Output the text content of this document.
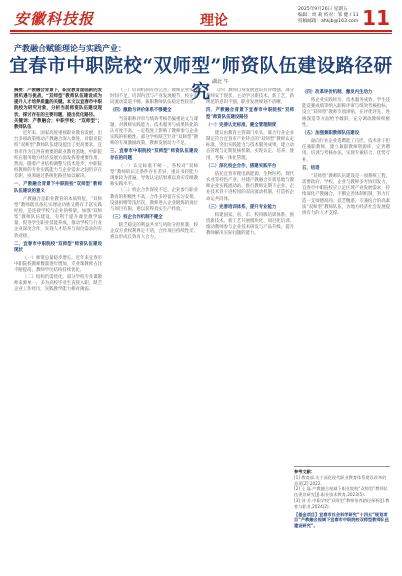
安徽科技报	理论
2025年9月26日 星期五
编辑：周 莉 校对：邹 健 / 11
投稿邮箱：ahkjb@163.com 11
产教融合赋能理论与实践产业：
宜春市中职院校“双师型”师资队伍建设路径研究 湖北 牛

摘要：产教融合背景下，职业教育面临新的发展机遇与挑战，“双师型”教师队伍建设成为提升人才培养质量的关键。本文以宜春市中职院校为研究对象，分析当前师资队伍建设现状，探讨存在的主要问题，提出优化路径。

关键词：产教融合；中职学校；“双师型”；教师队伍

近年来，国家高度重视职业教育发展，出台多项政策推动产教融合深入推进，对职业院校“双师型”教师队伍建设提出了更高要求。宜春市作为江西省重要的职业教育基地，中职院校在服务地方经济发展方面发挥着重要作用。然而，随着产业结构调整与技术进步，中职院校教师的专业实践能力与企业需求之间仍存在差距，亟须通过系统化路径加以解决。

一、产教融合背景下中职院校“双师型”教师队伍建设的意义

产教融合是职业教育的本质特征，“双师型”教师既具备扎实理论功底又拥有丰富实践经验，是连接学校与企业的桥梁。加强“双师型”教师队伍建设，有利于提升课堂教学质量，促进学生职业技能养成，推动学校与行业企业深度合作，实现人才培养与岗位需求的有效对接。

二、宜春市中职院校“双师型”师资队伍建设现状

（一）师资总量稳步增长。近年来宜春市中职院校教师数量逐年增加，专业课教师占比不断提高，教师学历结构持续优化。

（二）结构仍需优化。部分学校专业课教师来源单一，多为高校毕业生直接入职，缺乏企业工作经历，实践教学能力相对薄弱。

（三）培训机制有待完善。教师企业实践时间不足，培训内容与产业发展脱节，校企双向流动渠道不畅，兼职教师队伍稳定性较差。

（四）激励与评价体系不够健全

当前职称评审与绩效考核仍偏重论文与课题，对教师实践能力、技术服务与成果转化的认可度不高，一定程度上影响了教师参与企业实践的积极性。部分学校缺乏针对“双师型”教师的专项激励政策，教师发展动力不足。

三、宜春市中职院校“双师型”师资队伍建设存在的问题

（一）认定标准不统一。各校对“双师型”教师的认定条件存在差异，重证书轻能力现象较为普遍，导致认定结果难以真实反映教师实践水平。

（二）校企合作深度不足。企业参与职业教育的积极性不高，合作多停留在实习安排、设备捐赠等浅层次，教师进入企业锻炼的岗位与项目有限，难以获得真实生产经验。

（三）校企合作机制不健全

缺乏稳定的利益共享与风险分担机制，校企双方责权利界定不清，合作项目持续性差，难以形成长效育人合力。

（四）教师自身发展意识有待增强。部分教师安于现状，主动学习新技术、新工艺、新规范的意识不强，职业发展规划不清晰。

四、产教融合背景下宜春市中职院校“双师型”师资队伍建设路径

（一）完善认定标准，健全管理制度

建议由教育主管部门牵头，联合行业企业制定符合宜春市产业特点的“双师型”教师认定标准，突出实践能力与技术服务成果，建立动态管理与定期复核机制，实现认定、培养、使用、考核一体化管理。

（二）深化校企合作，搭建实践平台

依托宜春市锂电新能源、生物医药、现代农业等特色产业，共建产教融合实训基地与教师企业实践流动站，推行教师定期下企业、企业技术骨干进校园的双向流动机制，打造校企命运共同体。

（三）完善培训体系，提升专业能力

构建国家、省、市、校四级培训体系，围绕新技术、新工艺开展模块化、项目化培训，推动教师参与企业技术研发与产品升级，提升教师解决实际问题的能力。

（四）改革评价机制，激发内生动力

将企业实践经历、技术服务成效、学生技能竞赛成绩等纳入职称评审与绩效考核指标，设立“双师型”教师专项津贴，在评优评先、进修深造等方面给予倾斜，充分调动教师积极性。

（五）加强兼职教师队伍建设

面向行业企业选聘能工巧匠、技术骨干担任兼职教师，建立兼职教师资源库，完善聘用、培训与考核办法，实现专兼结合、优势互补。

五、结语

“双师型”教师队伍建设是一项系统工程，需要政府、学校、企业与教师多方协同发力。宜春市中职院校应立足区域产业发展需求，持续深化产教融合，不断完善体制机制，努力打造一支师德高尚、技艺精湛、专兼结合的高素质“双师型”教师队伍，为地方经济社会发展提供有力的人才支撑。

参考文献：
[1] 教育部.关于深化现代职业教育体系建设改革的意见[Z].2022.
[2] 王 磊.产教融合视域下职业院校“双师型”教师队伍建设研究[J].职业技术教育,2023(5).
[3] 刘 芳.中职学校“双师型”教师培养路径探析[J].教育与职业,2024(2).
【基金项目】宜春市社会科学研究“十四五”规划项目“产教融合视域下宜春市中职院校双师型教师队伍建设研究”。
